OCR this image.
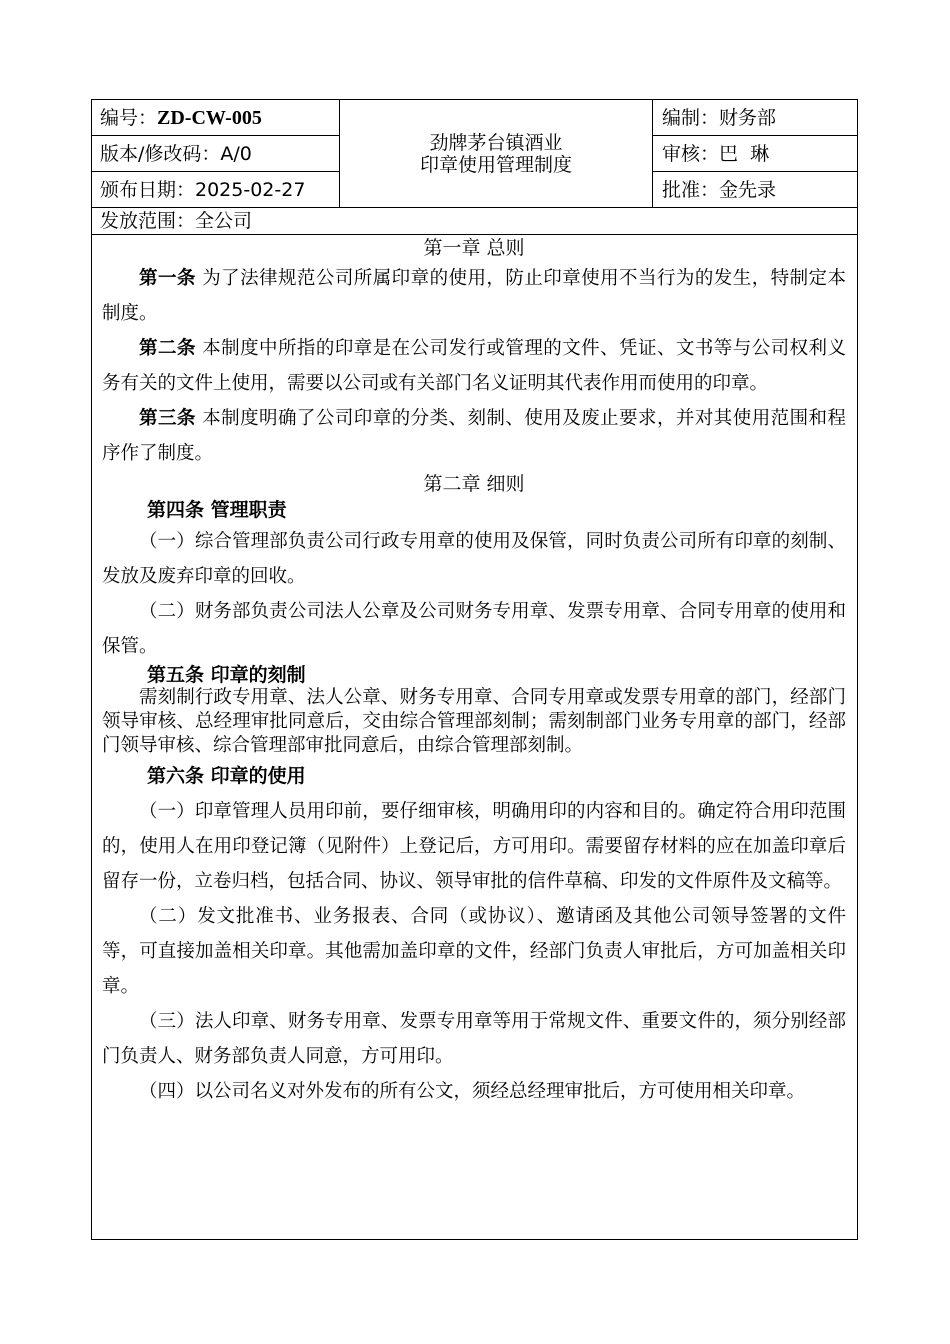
编号： ZD-CW-005
版本/修改码：A/0
颁布日期：2025-02-27
劲牌茅台镇酒业
印章使用管理制度
编制：财务部
审核：巴  琳
批准：金先录
发放范围：全公司
第一章 总则

第一条 为了法律规范公司所属印章的使用，防止印章使用不当行为的发生，特制定本制度。

第二条 本制度中所指的印章是在公司发行或管理的文件、凭证、文书等与公司权利义务有关的文件上使用，需要以公司或有关部门名义证明其代表作用而使用的印章。

第三条 本制度明确了公司印章的分类、刻制、使用及废止要求，并对其使用范围和程序作了制度。

第二章 细则

第四条 管理职责

（一）综合管理部负责公司行政专用章的使用及保管，同时负责公司所有印章的刻制、发放及废弃印章的回收。

（二）财务部负责公司法人公章及公司财务专用章、发票专用章、合同专用章的使用和保管。

第五条 印章的刻制

需刻制行政专用章、法人公章、财务专用章、合同专用章或发票专用章的部门，经部门领导审核、总经理审批同意后，交由综合管理部刻制；需刻制部门业务专用章的部门，经部门领导审核、综合管理部审批同意后，由综合管理部刻制。

第六条 印章的使用

（一）印章管理人员用印前，要仔细审核，明确用印的内容和目的。确定符合用印范围的，使用人在用印登记簿（见附件）上登记后，方可用印。需要留存材料的应在加盖印章后留存一份，立卷归档，包括合同、协议、领导审批的信件草稿、印发的文件原件及文稿等。

（二）发文批准书、业务报表、合同（或协议）、邀请函及其他公司领导签署的文件等，可直接加盖相关印章。其他需加盖印章的文件，经部门负责人审批后，方可加盖相关印章。

（三）法人印章、财务专用章、发票专用章等用于常规文件、重要文件的，须分别经部门负责人、财务部负责人同意，方可用印。

（四）以公司名义对外发布的所有公文，须经总经理审批后，方可使用相关印章。
